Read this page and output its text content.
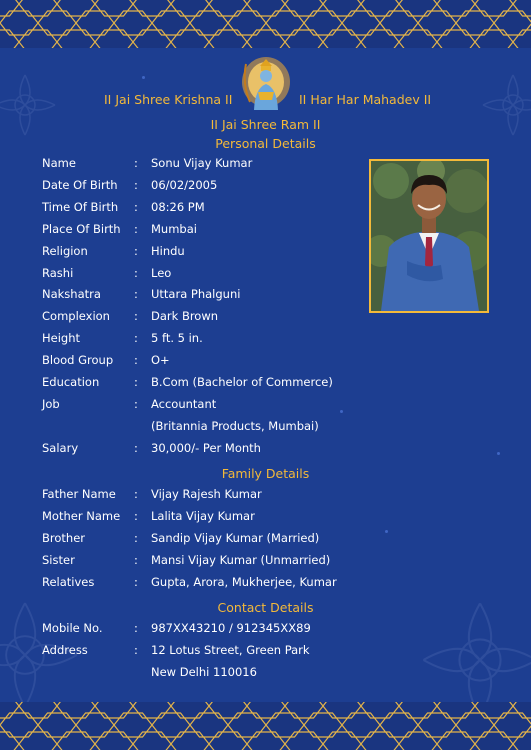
II Jai Shree Krishna II	II Har Har Mahadev II
II Jai Shree Ram II
Personal Details
Name	: Sonu Vijay Kumar
Date Of Birth	: 06/02/2005
Time Of Birth	: 08:26 PM
Place Of Birth	: Mumbai
Religion	: Hindu
Rashi	: Leo
Nakshatra	: Uttara Phalguni
Complexion	: Dark Brown
Height	: 5 ft. 5 in.
Blood Group	: O+
Education	: B.Com (Bachelor of Commerce)
Job	: Accountant
(Britannia Products, Mumbai)
Salary	: 30,000/- Per Month
Family Details
Father Name	: Vijay Rajesh Kumar
Mother Name	: Lalita Vijay Kumar
Brother	: Sandip Vijay Kumar (Married)
Sister	: Mansi Vijay Kumar (Unmarried)
Relatives	: Gupta, Arora, Mukherjee, Kumar
Contact Details
Mobile No.	: 987XX43210 / 912345XX89
Address	: 12 Lotus Street, Green Park
New Delhi 110016
